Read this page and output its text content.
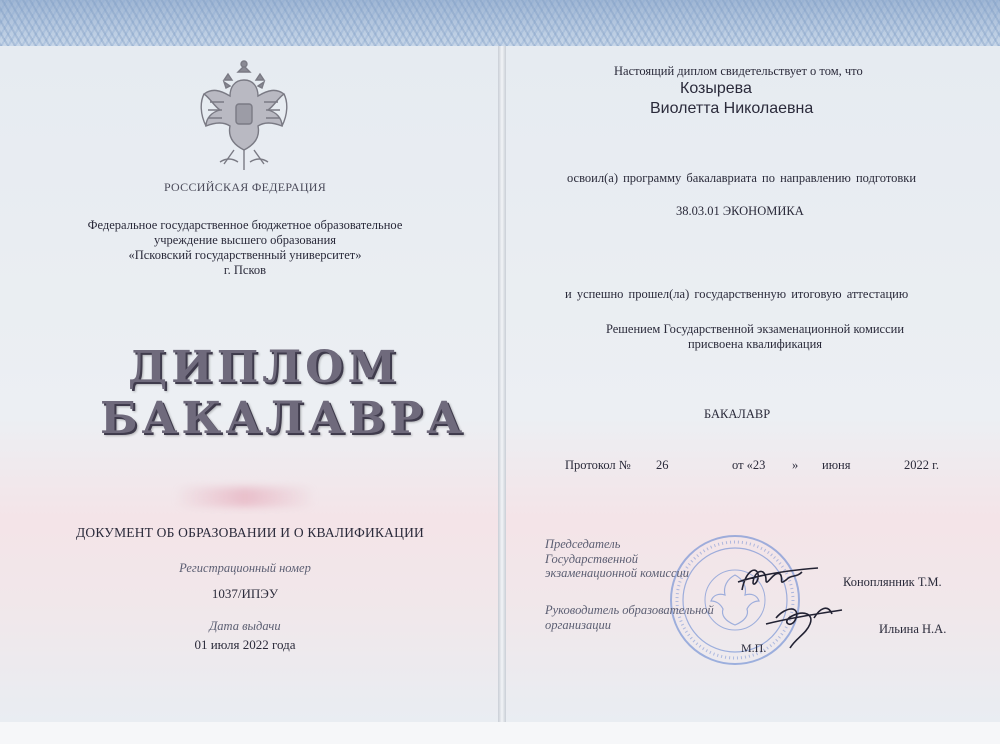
РОССИЙСКАЯ ФЕДЕРАЦИЯ
Федеральное государственное бюджетное образовательное
учреждение высшего образования
«Псковский государственный университет»
г. Псков
ДИПЛОМ
БАКАЛАВРА
ДОКУМЕНТ ОБ ОБРАЗОВАНИИ И О КВАЛИФИКАЦИИ
Регистрационный номер
1037/ИПЭУ
Дата выдачи
01 июля 2022 года
Настоящий диплом свидетельствует о том, что
Козырева
Виолетта Николаевна
освоил(а) программу бакалавриата по направлению подготовки
38.03.01 ЭКОНОМИКА
и успешно прошел(ла) государственную итоговую аттестацию
Решением Государственной экзаменационной комиссии
присвоена квалификация
БАКАЛАВР
Протокол № 26	от «23 » июня	2022 г.
Председатель
Государственной
экзаменационной комиссии
Коноплянник Т.М.
Руководитель образовательной
организации	Ильина Н.А.
М.П.
